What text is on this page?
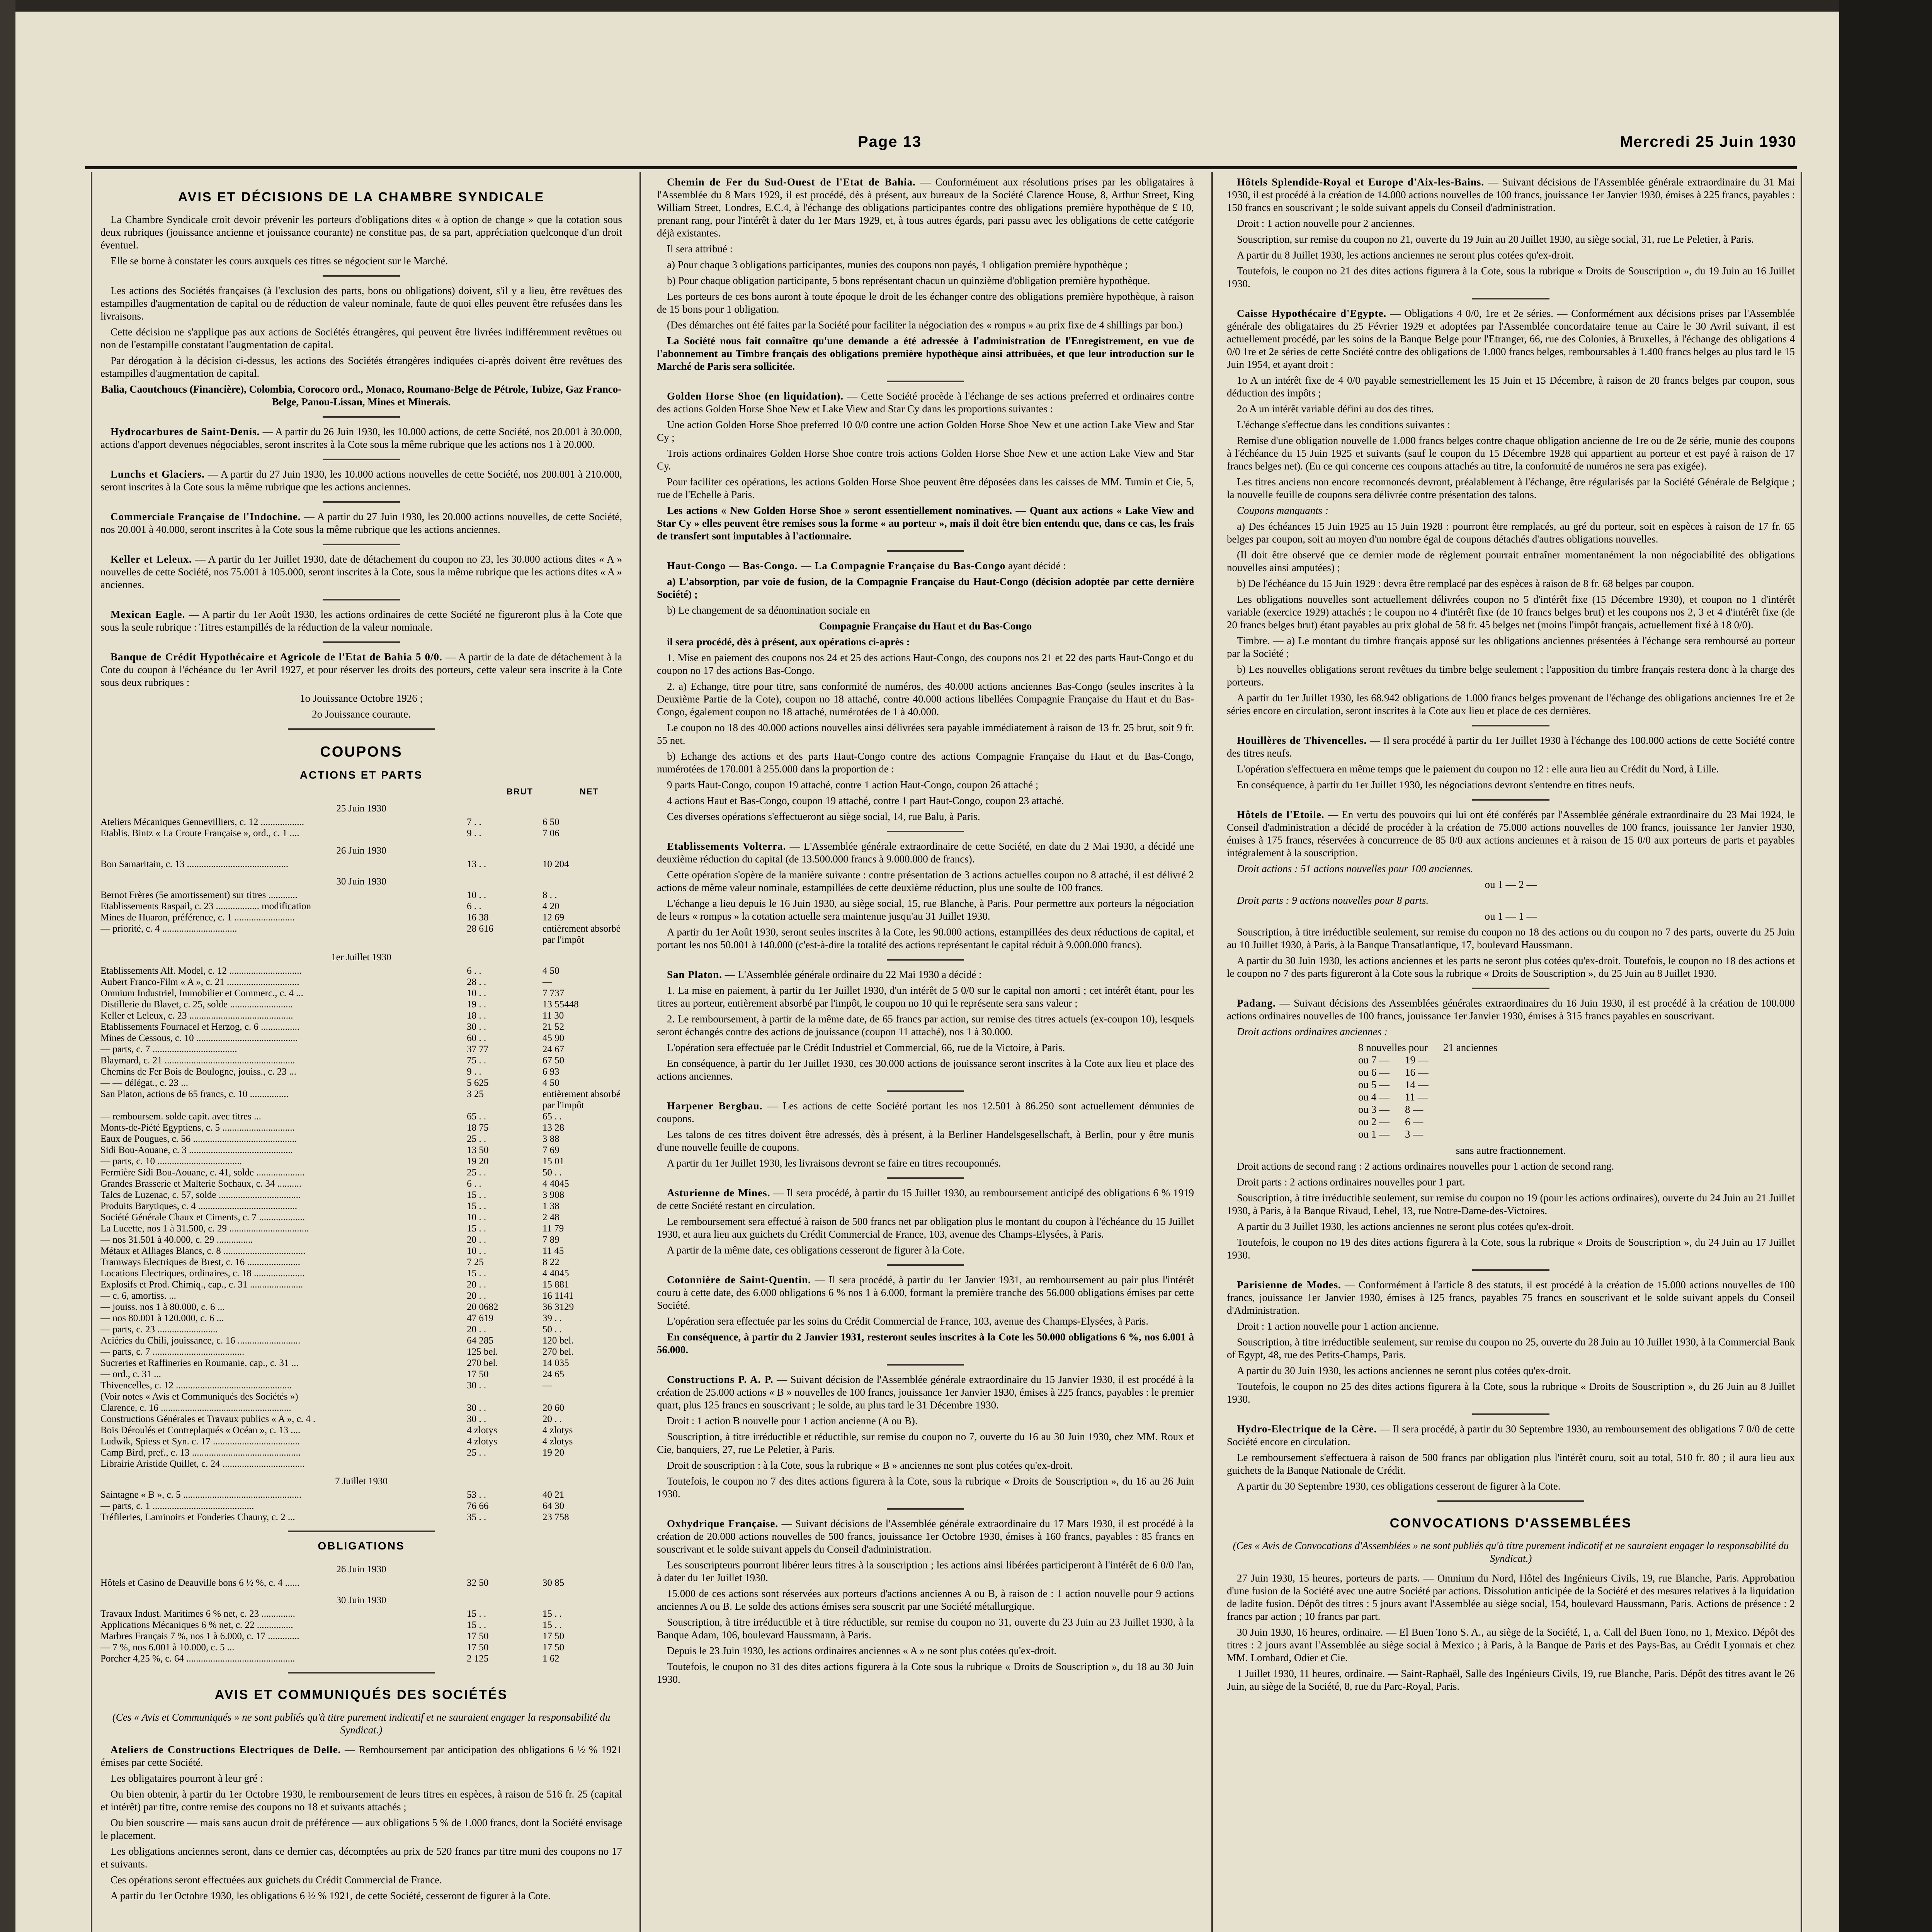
Page 13	Mercredi 25 Juin 1930
AVIS ET DÉCISIONS DE LA CHAMBRE SYNDICALE

La Chambre Syndicale croit devoir prévenir les porteurs d'obligations dites « à option de change » que la cotation sous deux rubriques (jouissance ancienne et jouissance courante) ne constitue pas, de sa part, appréciation quelconque d'un droit éventuel.

Elle se borne à constater les cours auxquels ces titres se négocient sur le Marché.

Les actions des Sociétés françaises (à l'exclusion des parts, bons ou obligations) doivent, s'il y a lieu, être revêtues des estampilles d'augmentation de capital ou de réduction de valeur nominale, faute de quoi elles peuvent être refusées dans les livraisons.

Cette décision ne s'applique pas aux actions de Sociétés étrangères, qui peuvent être livrées indifféremment revêtues ou non de l'estampille constatant l'augmentation de capital.

Par dérogation à la décision ci-dessus, les actions des Sociétés étrangères indiquées ci-après doivent être revêtues des estampilles d'augmentation de capital.

Balia, Caoutchoucs (Financière), Colombia, Corocoro ord., Monaco, Roumano-Belge de Pétrole, Tubize, Gaz Franco-Belge, Panou-Lissan, Mines et Minerais.

Hydrocarbures de Saint-Denis. — A partir du 26 Juin 1930, les 10.000 actions, de cette Société, nos 20.001 à 30.000, actions d'apport devenues négociables, seront inscrites à la Cote sous la même rubrique que les actions nos 1 à 20.000.

Lunchs et Glaciers. — A partir du 27 Juin 1930, les 10.000 actions nouvelles de cette Société, nos 200.001 à 210.000, seront inscrites à la Cote sous la même rubrique que les actions anciennes.

Commerciale Française de l'Indochine. — A partir du 27 Juin 1930, les 20.000 actions nouvelles, de cette Société, nos 20.001 à 40.000, seront inscrites à la Cote sous la même rubrique que les actions anciennes.

Keller et Leleux. — A partir du 1er Juillet 1930, date de détachement du coupon no 23, les 30.000 actions dites « A » nouvelles de cette Société, nos 75.001 à 105.000, seront inscrites à la Cote, sous la même rubrique que les actions dites « A » anciennes.

Mexican Eagle. — A partir du 1er Août 1930, les actions ordinaires de cette Société ne figureront plus à la Cote que sous la seule rubrique : Titres estampillés de la réduction de la valeur nominale.

Banque de Crédit Hypothécaire et Agricole de l'Etat de Bahia 5 0/0. — A partir de la date de détachement à la Cote du coupon à l'échéance du 1er Avril 1927, et pour réserver les droits des porteurs, cette valeur sera inscrite à la Cote sous deux rubriques :

1o Jouissance Octobre 1926 ;

2o Jouissance courante.

COUPONS
ACTIONS ET PARTS
BRUT	NET
25 Juin 1930		
Ateliers Mécaniques Gennevilliers, c. 12 ..................	7 . .	6 50
Etablis. Bintz « La Croute Française », ord., c. 1 ....	9 . .	7 06
26 Juin 1930		
Bon Samaritain, c. 13 ..........................................	13 . .	10 204
30 Juin 1930		
Bernot Frères (5e amortissement) sur titres ............	10 . .	8 . .
Etablissements Raspail, c. 23 .................. modification	6 . .	4 20
Mines de Huaron, préférence, c. 1 .........................	16 38	12 69
— priorité, c. 4 ...............................	28 616	entièrement absorbé par l'impôt
1er Juillet 1930		
Etablissements Alf. Model, c. 12 ..............................	6 . .	4 50
Aubert Franco-Film « A », c. 21 ..............................	28 . .	—
Omnium Industriel, Immobilier et Commerc., c. 4 ...	10 . .	7 737
Distillerie du Blavet, c. 25, solde ..........................	19 . .	13 55448
Keller et Leleux, c. 23 ...........................................	18 . .	11 30
Etablissements Fournacel et Herzog, c. 6 ................	30 . .	21 52
Mines de Cessous, c. 10 ..........................................	60 . .	45 90
— parts, c. 7 ...................................	37 77	24 67
Blaymard, c. 21 ......................................................	75 . .	67 50
Chemins de Fer Bois de Boulogne, jouiss., c. 23 ...	9 . .	6 93
— — délégat., c. 23 ...	5 625	4 50
San Platon, actions de 65 francs, c. 10 ................	3 25	entièrement absorbé par l'impôt
— remboursem. solde capit. avec titres ...	65 . .	65 . .
Monts-de-Piété Egyptiens, c. 5 ..............................	18 75	13 28
Eaux de Pougues, c. 56 ...........................................	25 . .	3 88
Sidi Bou-Aouane, c. 3 ...........................................	13 50	7 69
— parts, c. 10 ...................................	19 20	15 01
Fermière Sidi Bou-Aouane, c. 41, solde ....................	25 . .	50 . .
Grandes Brasserie et Malterie Sochaux, c. 34 ..........	6 . .	4 4045
Talcs de Luzenac, c. 57, solde ..................................	15 . .	3 908
Produits Barytiques, c. 4 .........................................	15 . .	1 38
Société Générale Chaux et Ciments, c. 7 ...................	10 . .	2 48
La Lucette, nos 1 à 31.500, c. 29 .................................	15 . .	11 79
— nos 31.501 à 40.000, c. 29 ...............	20 . .	7 89
Métaux et Alliages Blancs, c. 8 ..................................	10 . .	11 45
Tramways Electriques de Brest, c. 16 ......................	7 25	8 22
Locations Electriques, ordinaires, c. 18 .....................	15 . .	4 4045
Explosifs et Prod. Chimiq., cap., c. 31 ......................	20 . .	15 881
— c. 6, amortiss. ...	20 . .	16 1141
— jouiss. nos 1 à 80.000, c. 6 ...	20 0682	36 3129
— nos 80.001 à 120.000, c. 6 ...	47 619	39 . .
— parts, c. 23 .........................	20 . .	50 . .
Aciéries du Chili, jouissance, c. 16 ..........................	64 285	120 bel.
— parts, c. 7 ......................................	125 bel.	270 bel.
Sucreries et Raffineries en Roumanie, cap., c. 31 ...	270 bel.	14 035
— ord., c. 31 ...	17 50	24 65
Thivencelles, c. 12 ................................................	30 . .	—
(Voir notes « Avis et Communiqués des Sociétés »)		
Clarence, c. 16 ......................................................	30 . .	20 60
Constructions Générales et Travaux publics « A », c. 4 .	30 . .	20 . .
Bois Déroulés et Contreplaqués « Océan », c. 13 ....	4 zlotys	4 zlotys
Ludwik, Spiess et Syn. c. 17 ....................................	4 zlotys	4 zlotys
Camp Bird, pref., c. 13 .............................................	25 . .	19 20
Librairie Aristide Quillet, c. 24 ..................................		
7 Juillet 1930		
Saintagne « B », c. 5 .................................................	53 . .	40 21
— parts, c. 1 ..........................................	76 66	64 30
Tréfileries, Laminoirs et Fonderies Chauny, c. 2 ...	35 . .	23 758
OBLIGATIONS
26 Juin 1930		
Hôtels et Casino de Deauville bons 6 ½ %, c. 4 ......	32 50	30 85
30 Juin 1930		
Travaux Indust. Maritimes 6 % net, c. 23 ..............	15 . .	15 . .
Applications Mécaniques 6 % net, c. 22 ...............	15 . .	15 . .
Marbres Français 7 %, nos 1 à 6.000, c. 17 .............	17 50	17 50
— 7 %, nos 6.001 à 10.000, c. 5 ...	17 50	17 50
Porcher 4,25 %, c. 64 .............................................	2 125	1 62
AVIS ET COMMUNIQUÉS DES SOCIÉTÉS

(Ces « Avis et Communiqués » ne sont publiés qu'à titre purement indicatif et ne sauraient engager la responsabilité du Syndicat.)

Ateliers de Constructions Electriques de Delle. — Remboursement par anticipation des obligations 6 ½ % 1921 émises par cette Société.

Les obligataires pourront à leur gré :

Ou bien obtenir, à partir du 1er Octobre 1930, le remboursement de leurs titres en espèces, à raison de 516 fr. 25 (capital et intérêt) par titre, contre remise des coupons no 18 et suivants attachés ;

Ou bien souscrire — mais sans aucun droit de préférence — aux obligations 5 % de 1.000 francs, dont la Société envisage le placement.

Les obligations anciennes seront, dans ce dernier cas, décomptées au prix de 520 francs par titre muni des coupons no 17 et suivants.

Ces opérations seront effectuées aux guichets du Crédit Commercial de France.

A partir du 1er Octobre 1930, les obligations 6 ½ % 1921, de cette Société, cesseront de figurer à la Cote.

Chemin de Fer du Sud-Ouest de l'Etat de Bahia. — Conformément aux résolutions prises par les obligataires à l'Assemblée du 8 Mars 1929, il est procédé, dès à présent, aux bureaux de la Société Clarence House, 8, Arthur Street, King William Street, Londres, E.C.4, à l'échange des obligations participantes contre des obligations première hypothèque de £ 10, prenant rang, pour l'intérêt à dater du 1er Mars 1929, et, à tous autres égards, pari passu avec les obligations de cette catégorie déjà existantes.

Il sera attribué :

a) Pour chaque 3 obligations participantes, munies des coupons non payés, 1 obligation première hypothèque ;

b) Pour chaque obligation participante, 5 bons représentant chacun un quinzième d'obligation première hypothèque.

Les porteurs de ces bons auront à toute époque le droit de les échanger contre des obligations première hypothèque, à raison de 15 bons pour 1 obligation.

(Des démarches ont été faites par la Société pour faciliter la négociation des « rompus » au prix fixe de 4 shillings par bon.)

La Société nous fait connaître qu'une demande a été adressée à l'administration de l'Enregistrement, en vue de l'abonnement au Timbre français des obligations première hypothèque ainsi attribuées, et que leur introduction sur le Marché de Paris sera sollicitée.

Golden Horse Shoe (en liquidation). — Cette Société procède à l'échange de ses actions preferred et ordinaires contre des actions Golden Horse Shoe New et Lake View and Star Cy dans les proportions suivantes :

Une action Golden Horse Shoe preferred 10 0/0 contre une action Golden Horse Shoe New et une action Lake View and Star Cy ;

Trois actions ordinaires Golden Horse Shoe contre trois actions Golden Horse Shoe New et une action Lake View and Star Cy.

Pour faciliter ces opérations, les actions Golden Horse Shoe peuvent être déposées dans les caisses de MM. Tumin et Cie, 5, rue de l'Echelle à Paris.

Les actions « New Golden Horse Shoe » seront essentiellement nominatives. — Quant aux actions « Lake View and Star Cy » elles peuvent être remises sous la forme « au porteur », mais il doit être bien entendu que, dans ce cas, les frais de transfert sont imputables à l'actionnaire.

Haut-Congo — Bas-Congo. — La Compagnie Française du Bas-Congo ayant décidé :

a) L'absorption, par voie de fusion, de la Compagnie Française du Haut-Congo (décision adoptée par cette dernière Société) ;

b) Le changement de sa dénomination sociale en

Compagnie Française du Haut et du Bas-Congo

il sera procédé, dès à présent, aux opérations ci-après :

1. Mise en paiement des coupons nos 24 et 25 des actions Haut-Congo, des coupons nos 21 et 22 des parts Haut-Congo et du coupon no 17 des actions Bas-Congo.

2. a) Echange, titre pour titre, sans conformité de numéros, des 40.000 actions anciennes Bas-Congo (seules inscrites à la Deuxième Partie de la Cote), coupon no 18 attaché, contre 40.000 actions libellées Compagnie Française du Haut et du Bas-Congo, également coupon no 18 attaché, numérotées de 1 à 40.000.

Le coupon no 18 des 40.000 actions nouvelles ainsi délivrées sera payable immédiatement à raison de 13 fr. 25 brut, soit 9 fr. 55 net.

b) Echange des actions et des parts Haut-Congo contre des actions Compagnie Française du Haut et du Bas-Congo, numérotées de 170.001 à 255.000 dans la proportion de :

9 parts Haut-Congo, coupon 19 attaché, contre 1 action Haut-Congo, coupon 26 attaché ;

4 actions Haut et Bas-Congo, coupon 19 attaché, contre 1 part Haut-Congo, coupon 23 attaché.

Ces diverses opérations s'effectueront au siège social, 14, rue Balu, à Paris.

Etablissements Volterra. — L'Assemblée générale extraordinaire de cette Société, en date du 2 Mai 1930, a décidé une deuxième réduction du capital (de 13.500.000 francs à 9.000.000 de francs).

Cette opération s'opère de la manière suivante : contre présentation de 3 actions actuelles coupon no 8 attaché, il est délivré 2 actions de même valeur nominale, estampillées de cette deuxième réduction, plus une soulte de 100 francs.

L'échange a lieu depuis le 16 Juin 1930, au siège social, 15, rue Blanche, à Paris. Pour permettre aux porteurs la négociation de leurs « rompus » la cotation actuelle sera maintenue jusqu'au 31 Juillet 1930.

A partir du 1er Août 1930, seront seules inscrites à la Cote, les 90.000 actions, estampillées des deux réductions de capital, et portant les nos 50.001 à 140.000 (c'est-à-dire la totalité des actions représentant le capital réduit à 9.000.000 francs).

San Platon. — L'Assemblée générale ordinaire du 22 Mai 1930 a décidé :

1. La mise en paiement, à partir du 1er Juillet 1930, d'un intérêt de 5 0/0 sur le capital non amorti ; cet intérêt étant, pour les titres au porteur, entièrement absorbé par l'impôt, le coupon no 10 qui le représente sera sans valeur ;

2. Le remboursement, à partir de la même date, de 65 francs par action, sur remise des titres actuels (ex-coupon 10), lesquels seront échangés contre des actions de jouissance (coupon 11 attaché), nos 1 à 30.000.

L'opération sera effectuée par le Crédit Industriel et Commercial, 66, rue de la Victoire, à Paris.

En conséquence, à partir du 1er Juillet 1930, ces 30.000 actions de jouissance seront inscrites à la Cote aux lieu et place des actions anciennes.

Harpener Bergbau. — Les actions de cette Société portant les nos 12.501 à 86.250 sont actuellement démunies de coupons.

Les talons de ces titres doivent être adressés, dès à présent, à la Berliner Handelsgesellschaft, à Berlin, pour y être munis d'une nouvelle feuille de coupons.

A partir du 1er Juillet 1930, les livraisons devront se faire en titres recouponnés.

Asturienne de Mines. — Il sera procédé, à partir du 15 Juillet 1930, au remboursement anticipé des obligations 6 % 1919 de cette Société restant en circulation.

Le remboursement sera effectué à raison de 500 francs net par obligation plus le montant du coupon à l'échéance du 15 Juillet 1930, et aura lieu aux guichets du Crédit Commercial de France, 103, avenue des Champs-Elysées, à Paris.

A partir de la même date, ces obligations cesseront de figurer à la Cote.

Cotonnière de Saint-Quentin. — Il sera procédé, à partir du 1er Janvier 1931, au remboursement au pair plus l'intérêt couru à cette date, des 6.000 obligations 6 % nos 1 à 6.000, formant la première tranche des 56.000 obligations émises par cette Société.

L'opération sera effectuée par les soins du Crédit Commercial de France, 103, avenue des Champs-Elysées, à Paris.

En conséquence, à partir du 2 Janvier 1931, resteront seules inscrites à la Cote les 50.000 obligations 6 %, nos 6.001 à 56.000.

Constructions P. A. P. — Suivant décision de l'Assemblée générale extraordinaire du 15 Janvier 1930, il est procédé à la création de 25.000 actions « B » nouvelles de 100 francs, jouissance 1er Janvier 1930, émises à 225 francs, payables : le premier quart, plus 125 francs en souscrivant ; le solde, au plus tard le 31 Décembre 1930.

Droit : 1 action B nouvelle pour 1 action ancienne (A ou B).

Souscription, à titre irréductible et réductible, sur remise du coupon no 7, ouverte du 16 au 30 Juin 1930, chez MM. Roux et Cie, banquiers, 27, rue Le Peletier, à Paris.

Droit de souscription : à la Cote, sous la rubrique « B » anciennes ne sont plus cotées qu'ex-droit.

Toutefois, le coupon no 7 des dites actions figurera à la Cote, sous la rubrique « Droits de Souscription », du 16 au 26 Juin 1930.

Oxhydrique Française. — Suivant décisions de l'Assemblée générale extraordinaire du 17 Mars 1930, il est procédé à la création de 20.000 actions nouvelles de 500 francs, jouissance 1er Octobre 1930, émises à 160 francs, payables : 85 francs en souscrivant et le solde suivant appels du Conseil d'administration.

Les souscripteurs pourront libérer leurs titres à la souscription ; les actions ainsi libérées participeront à l'intérêt de 6 0/0 l'an, à dater du 1er Juillet 1930.

15.000 de ces actions sont réservées aux porteurs d'actions anciennes A ou B, à raison de : 1 action nouvelle pour 9 actions anciennes A ou B. Le solde des actions émises sera souscrit par une Société métallurgique.

Souscription, à titre irréductible et à titre réductible, sur remise du coupon no 31, ouverte du 23 Juin au 23 Juillet 1930, à la Banque Adam, 106, boulevard Haussmann, à Paris.

Depuis le 23 Juin 1930, les actions ordinaires anciennes « A » ne sont plus cotées qu'ex-droit.

Toutefois, le coupon no 31 des dites actions figurera à la Cote sous la rubrique « Droits de Souscription », du 18 au 30 Juin 1930.

Hôtels Splendide-Royal et Europe d'Aix-les-Bains. — Suivant décisions de l'Assemblée générale extraordinaire du 31 Mai 1930, il est procédé à la création de 14.000 actions nouvelles de 100 francs, jouissance 1er Janvier 1930, émises à 225 francs, payables : 150 francs en souscrivant ; le solde suivant appels du Conseil d'administration.

Droit : 1 action nouvelle pour 2 anciennes.

Souscription, sur remise du coupon no 21, ouverte du 19 Juin au 20 Juillet 1930, au siège social, 31, rue Le Peletier, à Paris.

A partir du 8 Juillet 1930, les actions anciennes ne seront plus cotées qu'ex-droit.

Toutefois, le coupon no 21 des dites actions figurera à la Cote, sous la rubrique « Droits de Souscription », du 19 Juin au 16 Juillet 1930.

Caisse Hypothécaire d'Egypte. — Obligations 4 0/0, 1re et 2e séries. — Conformément aux décisions prises par l'Assemblée générale des obligataires du 25 Février 1929 et adoptées par l'Assemblée concordataire tenue au Caire le 30 Avril suivant, il est actuellement procédé, par les soins de la Banque Belge pour l'Etranger, 66, rue des Colonies, à Bruxelles, à l'échange des obligations 4 0/0 1re et 2e séries de cette Société contre des obligations de 1.000 francs belges, remboursables à 1.400 francs belges au plus tard le 15 Juin 1954, et ayant droit :

1o A un intérêt fixe de 4 0/0 payable semestriellement les 15 Juin et 15 Décembre, à raison de 20 francs belges par coupon, sous déduction des impôts ;

2o A un intérêt variable défini au dos des titres.

L'échange s'effectue dans les conditions suivantes :

Remise d'une obligation nouvelle de 1.000 francs belges contre chaque obligation ancienne de 1re ou de 2e série, munie des coupons à l'échéance du 15 Juin 1925 et suivants (sauf le coupon du 15 Décembre 1928 qui appartient au porteur et est payé à raison de 17 francs belges net). (En ce qui concerne ces coupons attachés au titre, la conformité de numéros ne sera pas exigée).

Les titres anciens non encore reconnoncés devront, préalablement à l'échange, être régularisés par la Société Générale de Belgique ; la nouvelle feuille de coupons sera délivrée contre présentation des talons.

Coupons manquants :

a) Des échéances 15 Juin 1925 au 15 Juin 1928 : pourront être remplacés, au gré du porteur, soit en espèces à raison de 17 fr. 65 belges par coupon, soit au moyen d'un nombre égal de coupons détachés d'autres obligations nouvelles.

(Il doit être observé que ce dernier mode de règlement pourrait entraîner momentanément la non négociabilité des obligations nouvelles ainsi amputées) ;

b) De l'échéance du 15 Juin 1929 : devra être remplacé par des espèces à raison de 8 fr. 68 belges par coupon.

Les obligations nouvelles sont actuellement délivrées coupon no 5 d'intérêt fixe (15 Décembre 1930), et coupon no 1 d'intérêt variable (exercice 1929) attachés ; le coupon no 4 d'intérêt fixe (de 10 francs belges brut) et les coupons nos 2, 3 et 4 d'intérêt fixe (de 20 francs belges brut) étant payables au prix global de 58 fr. 45 belges net (moins l'impôt français, actuellement fixé à 18 0/0).

Timbre. — a) Le montant du timbre français apposé sur les obligations anciennes présentées à l'échange sera remboursé au porteur par la Société ;

b) Les nouvelles obligations seront revêtues du timbre belge seulement ; l'apposition du timbre français restera donc à la charge des porteurs.

A partir du 1er Juillet 1930, les 68.942 obligations de 1.000 francs belges provenant de l'échange des obligations anciennes 1re et 2e séries encore en circulation, seront inscrites à la Cote aux lieu et place de ces dernières.

Houillères de Thivencelles. — Il sera procédé à partir du 1er Juillet 1930 à l'échange des 100.000 actions de cette Société contre des titres neufs.

L'opération s'effectuera en même temps que le paiement du coupon no 12 : elle aura lieu au Crédit du Nord, à Lille.

En conséquence, à partir du 1er Juillet 1930, les négociations devront s'entendre en titres neufs.

Hôtels de l'Etoile. — En vertu des pouvoirs qui lui ont été conférés par l'Assemblée générale extraordinaire du 23 Mai 1924, le Conseil d'administration a décidé de procéder à la création de 75.000 actions nouvelles de 100 francs, jouissance 1er Janvier 1930, émises à 175 francs, réservées à concurrence de 85 0/0 aux actions anciennes et à raison de 15 0/0 aux porteurs de parts et payables intégralement à la souscription.

Droit actions : 51 actions nouvelles pour 100 anciennes.

ou 1 — 2 —

Droit parts : 9 actions nouvelles pour 8 parts.

ou 1 — 1 —

Souscription, à titre irréductible seulement, sur remise du coupon no 18 des actions ou du coupon no 7 des parts, ouverte du 25 Juin au 10 Juillet 1930, à Paris, à la Banque Transatlantique, 17, boulevard Haussmann.

A partir du 30 Juin 1930, les actions anciennes et les parts ne seront plus cotées qu'ex-droit. Toutefois, le coupon no 18 des actions et le coupon no 7 des parts figureront à la Cote sous la rubrique « Droits de Souscription », du 25 Juin au 8 Juillet 1930.

Padang. — Suivant décisions des Assemblées générales extraordinaires du 16 Juin 1930, il est procédé à la création de 100.000 actions ordinaires nouvelles de 100 francs, jouissance 1er Janvier 1930, émises à 315 francs payables en souscrivant.

Droit actions ordinaires anciennes :

8 nouvelles pour 21 anciennes
ou 7 — 19 —
ou 6 — 16 —
ou 5 — 14 —
ou 4 — 11 —
ou 3 — 8 —
ou 2 — 6 —
ou 1 — 3 —

sans autre fractionnement.

Droit actions de second rang : 2 actions ordinaires nouvelles pour 1 action de second rang.

Droit parts : 2 actions ordinaires nouvelles pour 1 part.

Souscription, à titre irréductible seulement, sur remise du coupon no 19 (pour les actions ordinaires), ouverte du 24 Juin au 21 Juillet 1930, à Paris, à la Banque Rivaud, Lebel, 13, rue Notre-Dame-des-Victoires.

A partir du 3 Juillet 1930, les actions anciennes ne seront plus cotées qu'ex-droit.

Toutefois, le coupon no 19 des dites actions figurera à la Cote, sous la rubrique « Droits de Souscription », du 24 Juin au 17 Juillet 1930.

Parisienne de Modes. — Conformément à l'article 8 des statuts, il est procédé à la création de 15.000 actions nouvelles de 100 francs, jouissance 1er Janvier 1930, émises à 125 francs, payables 75 francs en souscrivant et le solde suivant appels du Conseil d'Administration.

Droit : 1 action nouvelle pour 1 action ancienne.

Souscription, à titre irréductible seulement, sur remise du coupon no 25, ouverte du 28 Juin au 10 Juillet 1930, à la Commercial Bank of Egypt, 48, rue des Petits-Champs, Paris.

A partir du 30 Juin 1930, les actions anciennes ne seront plus cotées qu'ex-droit.

Toutefois, le coupon no 25 des dites actions figurera à la Cote, sous la rubrique « Droits de Souscription », du 26 Juin au 8 Juillet 1930.

Hydro-Electrique de la Cère. — Il sera procédé, à partir du 30 Septembre 1930, au remboursement des obligations 7 0/0 de cette Société encore en circulation.

Le remboursement s'effectuera à raison de 500 francs par obligation plus l'intérêt couru, soit au total, 510 fr. 80 ; il aura lieu aux guichets de la Banque Nationale de Crédit.

A partir du 30 Septembre 1930, ces obligations cesseront de figurer à la Cote.

CONVOCATIONS D'ASSEMBLÉES

(Ces « Avis de Convocations d'Assemblées » ne sont publiés qu'à titre purement indicatif et ne sauraient engager la responsabilité du Syndicat.)

27 Juin 1930, 15 heures, porteurs de parts. — Omnium du Nord, Hôtel des Ingénieurs Civils, 19, rue Blanche, Paris. Approbation d'une fusion de la Société avec une autre Société par actions. Dissolution anticipée de la Société et des mesures relatives à la liquidation de ladite fusion. Dépôt des titres : 5 jours avant l'Assemblée au siège social, 154, boulevard Haussmann, Paris. Actions de présence : 2 francs par action ; 10 francs par part.

30 Juin 1930, 16 heures, ordinaire. — El Buen Tono S. A., au siège de la Société, 1, a. Call del Buen Tono, no 1, Mexico. Dépôt des titres : 2 jours avant l'Assemblée au siège social à Mexico ; à Paris, à la Banque de Paris et des Pays-Bas, au Crédit Lyonnais et chez MM. Lombard, Odier et Cie.

1 Juillet 1930, 11 heures, ordinaire. — Saint-Raphaël, Salle des Ingénieurs Civils, 19, rue Blanche, Paris. Dépôt des titres avant le 26 Juin, au siège de la Société, 8, rue du Parc-Royal, Paris.
